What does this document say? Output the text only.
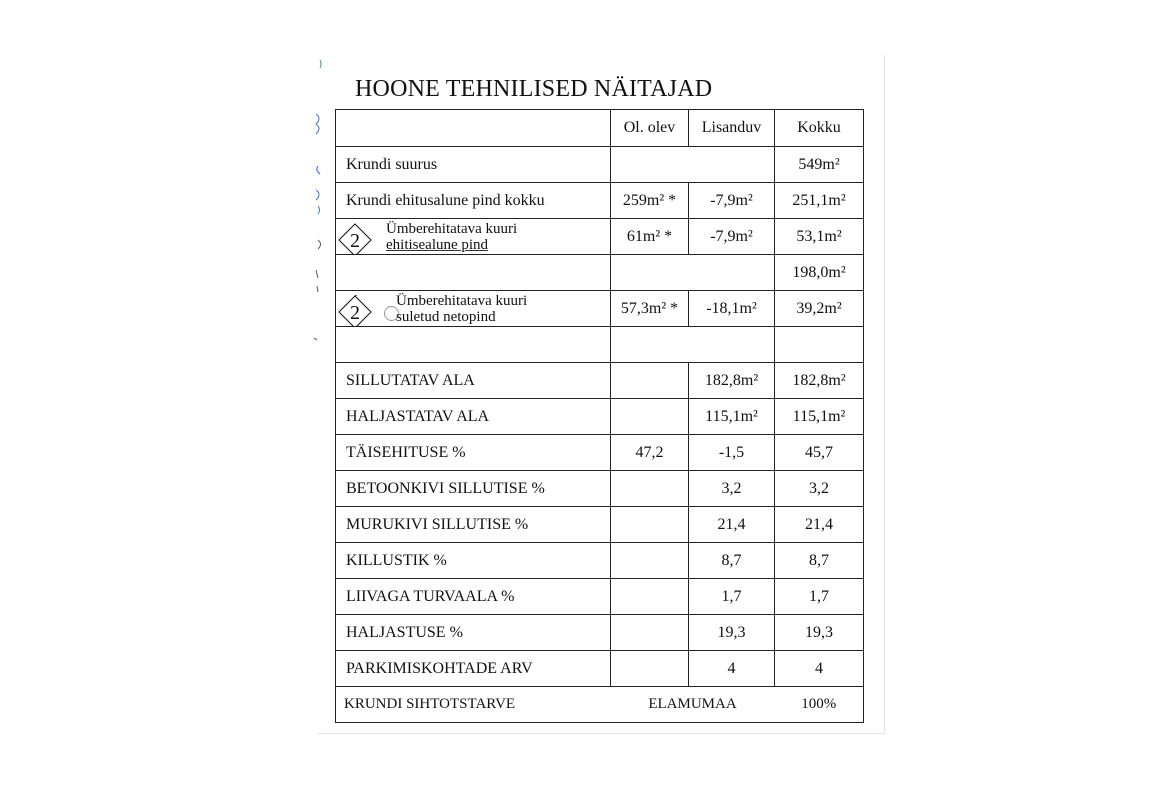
HOONE TEHNILISED NÄITAJAD
	Ol. olev	Lisanduv	Kokku
Krundi suurus			549m²
Krundi ehitusalune pind kokku	259m² *	-7,9m²	251,1m²

2
Ümberehitatava kuuri
ehitisealune pind	61m² *	-7,9m²	53,1m²
			198,0m²

2
Ümberehitatava kuuri
suletud netopind	57,3m² *	-18,1m²	39,2m²

SILLUTATAV ALA		182,8m²	182,8m²
HALJASTATAV ALA		115,1m²	115,1m²
TÄISEHITUSE %	47,2	-1,5	45,7
BETOONKIVI SILLUTISE %		3,2	3,2
MURUKIVI SILLUTISE %		21,4	21,4
KILLUSTIK %		8,7	8,7
LIIVAGA TURVAALA %		1,7	1,7
HALJASTUSE %		19,3	19,3
PARKIMISKOHTADE ARV		4	4
KRUNDI SIHTOTSTARVE	ELAMUMAA		100%
